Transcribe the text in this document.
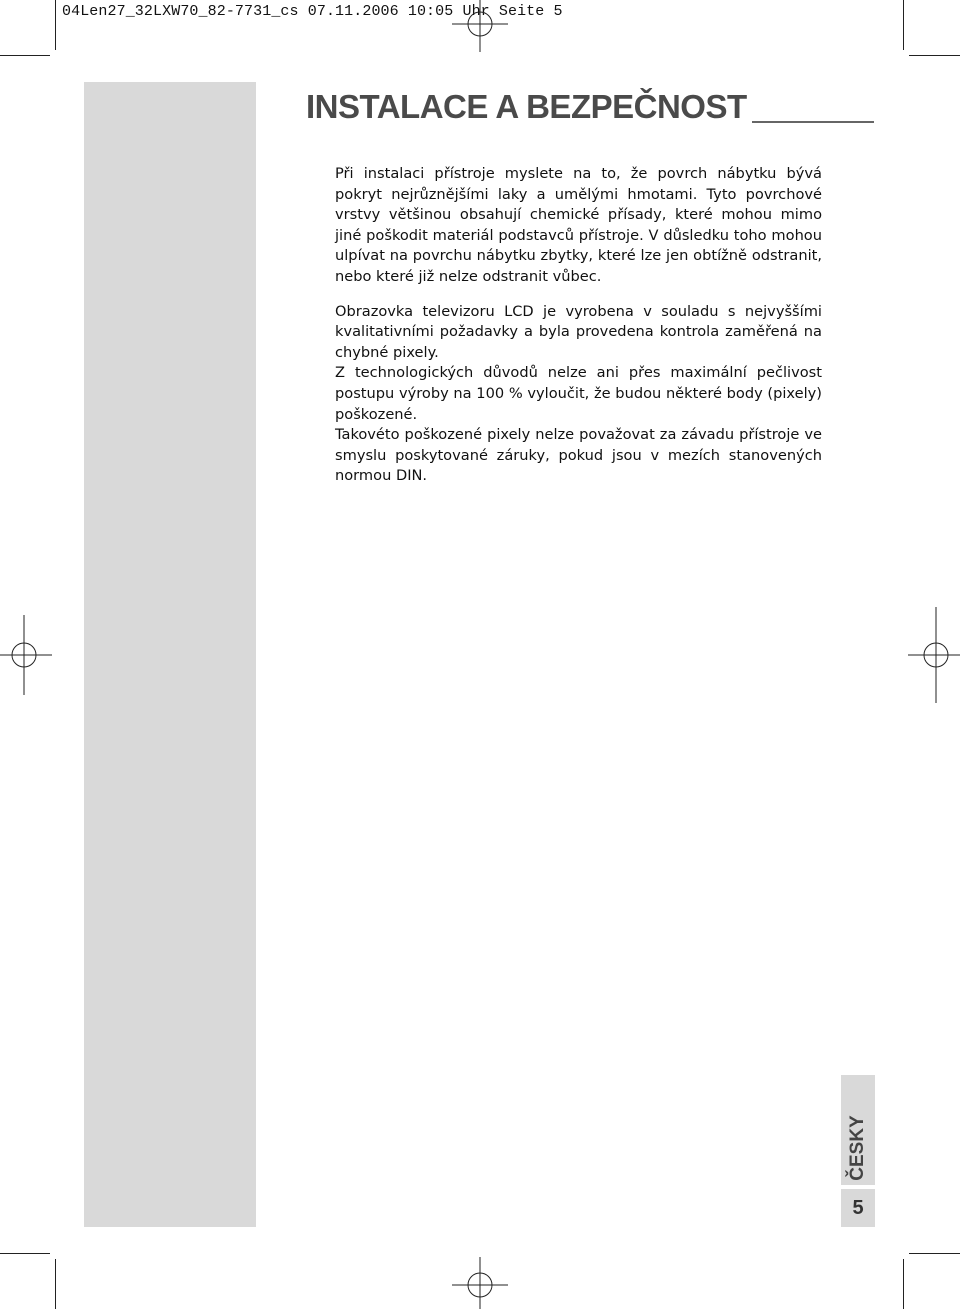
04Len27_32LXW70_82-7731_cs 07.11.2006 10:05 Uhr Seite 5
INSTALACE A BEZPEČNOST

Při instalaci přístroje myslete na to, že povrch nábytku bývá pokryt nejrůznějšími laky a umělými hmotami. Tyto povrchové vrstvy většinou obsahují chemické přísady, které mohou mimo jiné poškodit materiál podstavců přístroje. V důsledku toho mohou ulpívat na povrchu nábytku zbytky, které lze jen obtížně odstranit, nebo které již nelze odstranit vůbec.

Obrazovka televizoru LCD je vyrobena v souladu s nejvyššími kvalitativními požadavky a byla provedena kontrola zaměřená na chybné pixely.

Z technologických důvodů nelze ani přes maximální pečlivost postupu výroby na 100 % vyloučit, že budou některé body (pixely) poškozené.

Takovéto poškozené pixely nelze považovat za závadu přístroje ve smyslu poskytované záruky, pokud jsou v mezích stanovených normou DIN.

ČESKY
5
